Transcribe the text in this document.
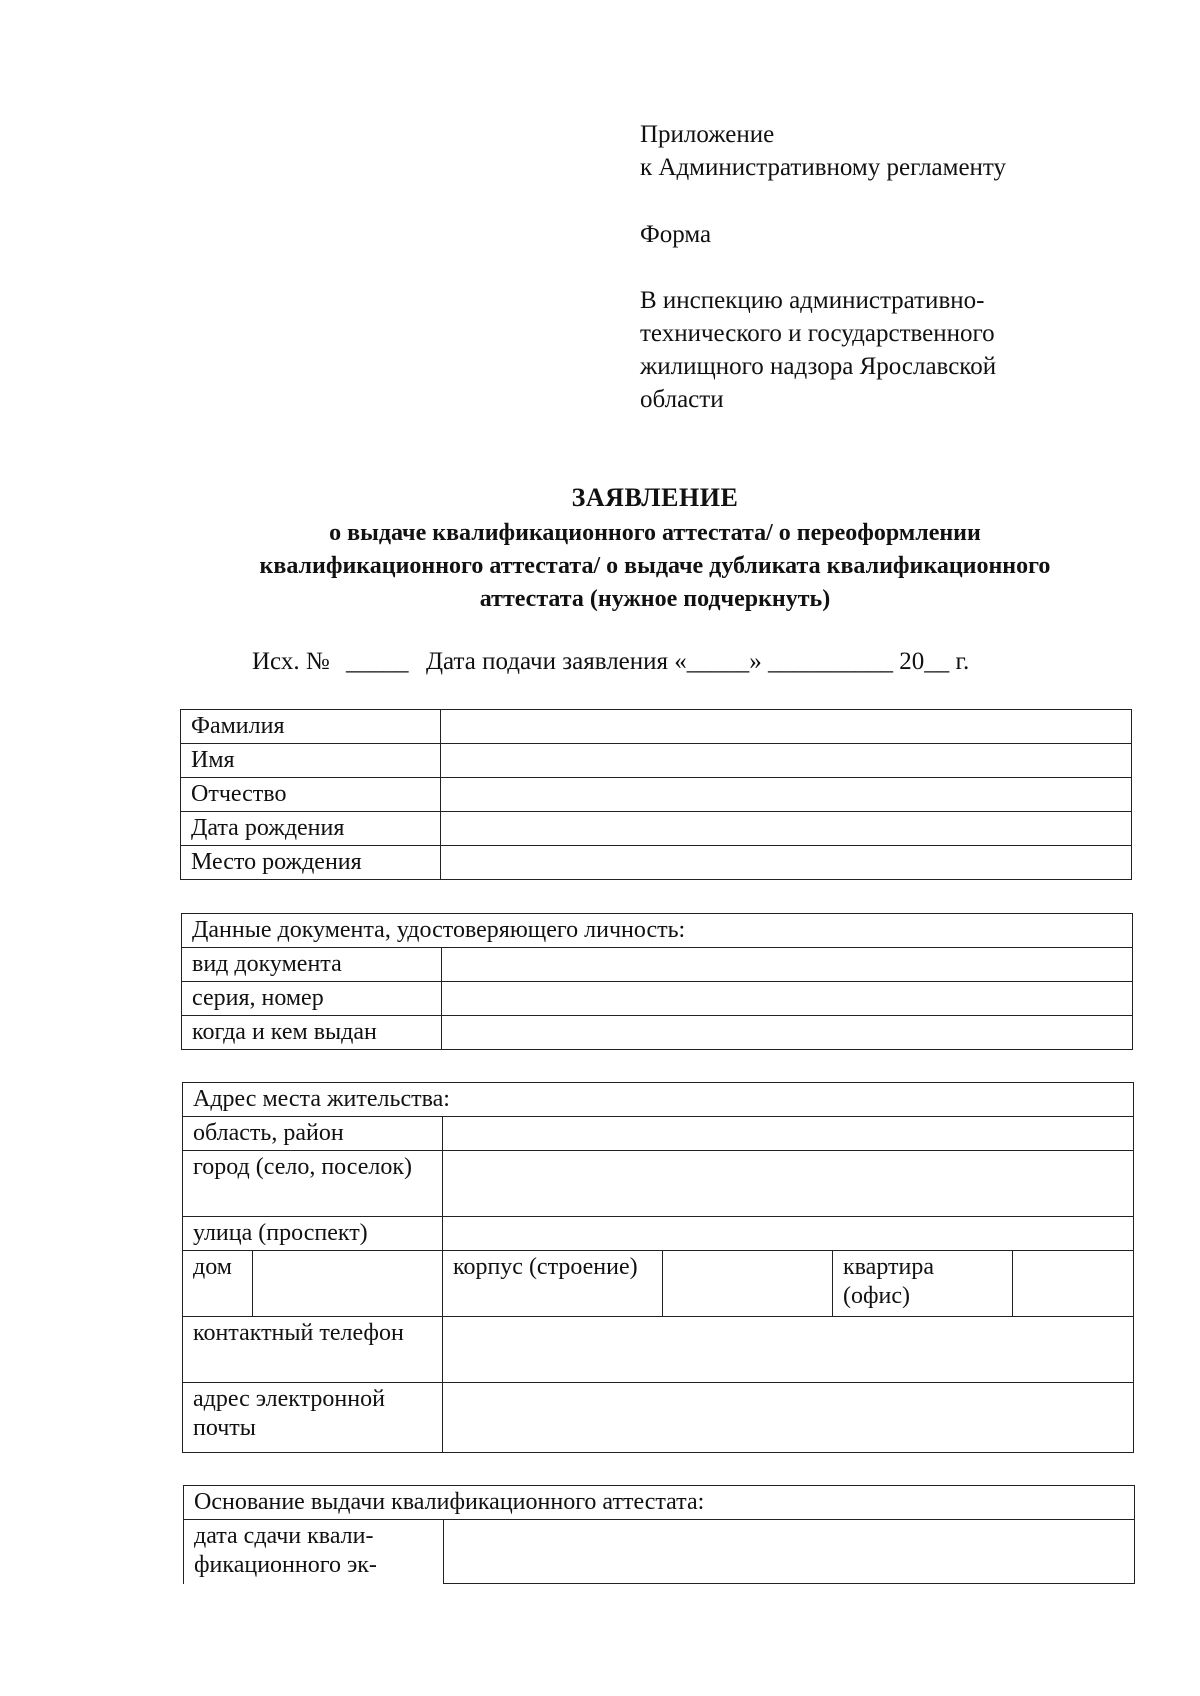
Приложение
к Административному регламенту
Форма
В инспекцию административно-
технического и государственного
жилищного надзора Ярославской
области
ЗАЯВЛЕНИЕ
о выдаче квалификационного аттестата/ о переоформлении
квалификационного аттестата/ о выдаче дубликата квалификационного
аттестата (нужное подчеркнуть)
Исх. № _____ Дата подачи заявления «_____» __________ 20__ г.
Фамилия	
Имя	
Отчество	
Дата рождения	
Место рождения	
Данные документа, удостоверяющего личность:	
вид документа	
серия, номер	
когда и кем выдан	
Адрес места жительства:					
область, район					
город (село, поселок)					
улица (проспект)					
дом		корпус (строение)		квартира (офис)	
контактный телефон					
адрес электронной почты					
Основание выдачи квалификационного аттестата:
дата сдачи квали-фикационного эк-	
